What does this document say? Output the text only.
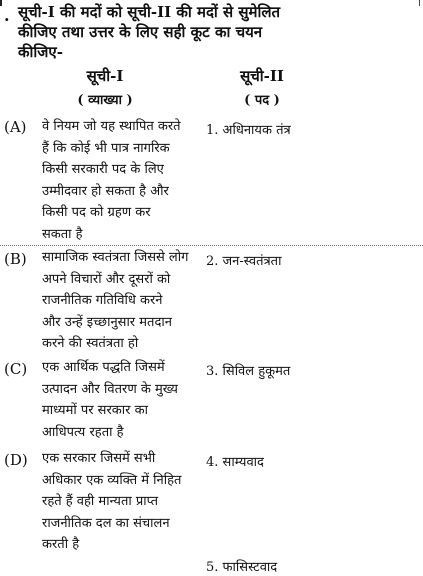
. सूची-I की मदों को सूची-II की मदों से सुमेलित
कीजिए तथा उत्तर के लिए सही कूट का चयन
कीजिए-
सूची-I
( व्याख्या )
सूची-II
( पद )
(A) वे नियम जो यह स्थापित करते
हैं कि कोई भी पात्र नागरिक
किसी सरकारी पद के लिए
उम्मीदवार हो सकता है और
किसी पद को ग्रहण कर
सकता है
(B) सामाजिक स्वतंत्रता जिससे लोग
अपने विचारों और दूसरों को
राजनीतिक गतिविधि करने
और उन्हें इच्छानुसार मतदान
करने की स्वतंत्रता हो
(C) एक आर्थिक पद्धति जिसमें
उत्पादन और वितरण के मुख्य
माध्यमों पर सरकार का
आधिपत्य रहता है
(D) एक सरकार जिसमें सभी
अधिकार एक व्यक्ति में निहित
रहते हैं वही मान्यता प्राप्त
राजनीतिक दल का संचालन
करती है
1. अधिनायक तंत्र
2. जन-स्वतंत्रता
3. सिविल हुकूमत
4. साम्यवाद
5. फासिस्टवाद
